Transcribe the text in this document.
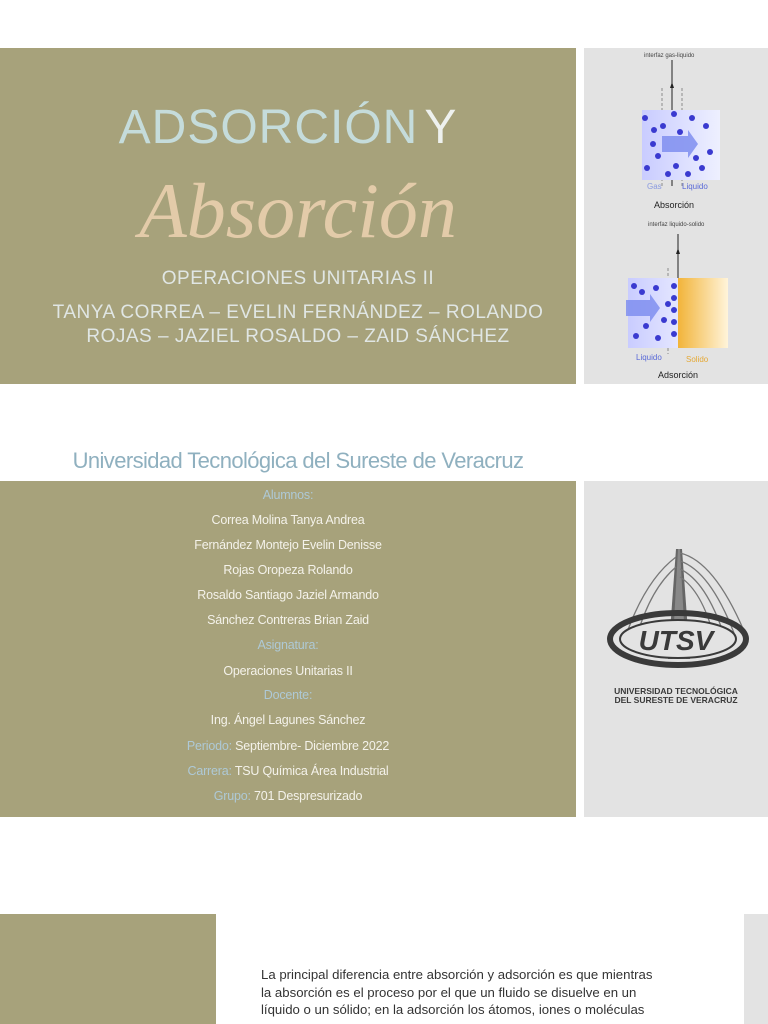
ADSORCIÓN Y
Absorción
OPERACIONES UNITARIAS II
TANYA CORREA – EVELIN FERNÁNDEZ – ROLANDO
ROJAS – JAZIEL ROSALDO – ZAID SÁNCHEZ
interfaz gas-liquido
Gas	Liquido
Absorción
interfaz liquido-solido
Liquido	Solido
Adsorción
Universidad Tecnológica del Sureste de Veracruz
Alumnos:
Correa Molina Tanya Andrea
Fernández Montejo Evelin Denisse
Rojas Oropeza Rolando
Rosaldo Santiago Jaziel Armando
Sánchez Contreras Brian Zaid
Asignatura:
Operaciones Unitarias II
Docente:
Ing. Ángel Lagunes Sánchez
Periodo: Septiembre- Diciembre 2022
Carrera: TSU Química Área Industrial
Grupo: 701 Despresurizado
UTSV
UNIVERSIDAD TECNOLÓGICA
DEL SURESTE DE VERACRUZ
La principal diferencia entre absorción y adsorción es que mientras
la absorción es el proceso por el que un fluido se disuelve en un
líquido o un sólido; en la adsorción los átomos, iones o moléculas
